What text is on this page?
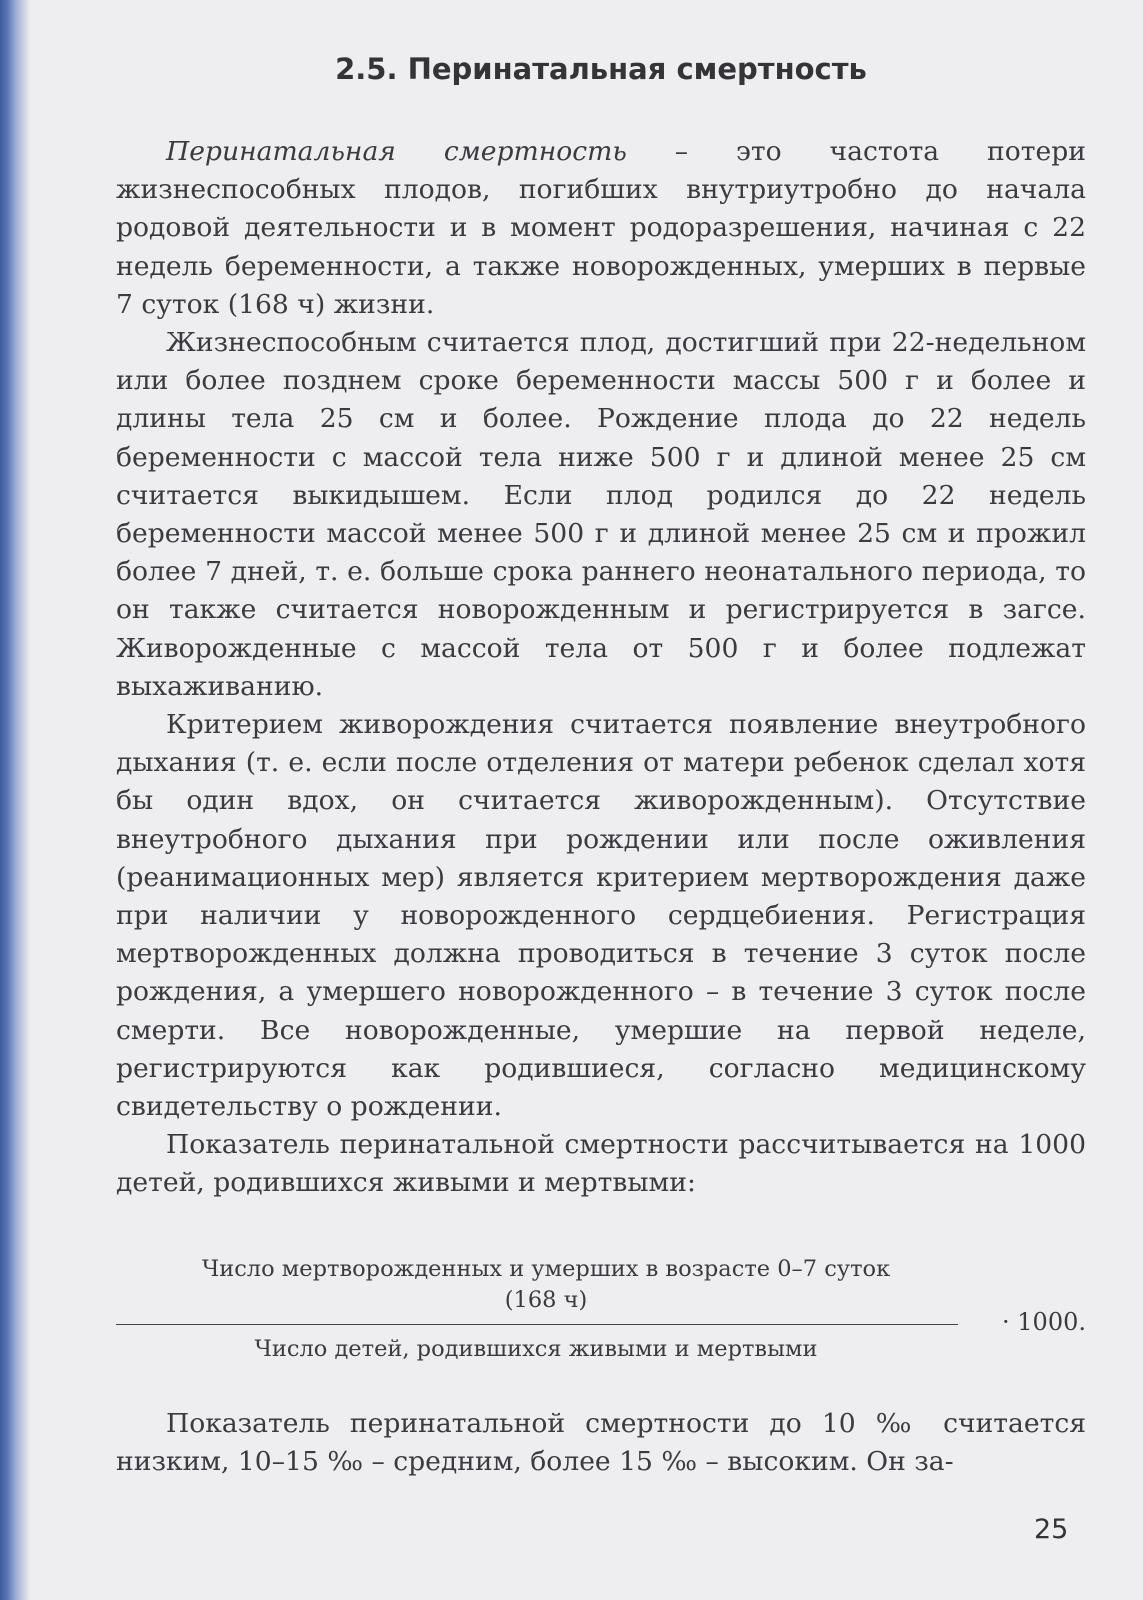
2.5. Перинатальная смертность

Перинатальная смертность – это частота потери жизнеспособных плодов, погибших внутриутробно до начала родовой деятельности и в момент родоразрешения, начиная с 22 недель беременности, а также новорожденных, умерших в первые 7 суток (168 ч) жизни.

Жизнеспособным считается плод, достигший при 22-недельном или более позднем сроке беременности массы 500 г и более и длины тела 25 см и более. Рождение плода до 22 недель беременности с массой тела ниже 500 г и длиной менее 25 см считается выкидышем. Если плод родился до 22 недель беременности массой менее 500 г и длиной менее 25 см и прожил более 7 дней, т. е. больше срока раннего неонатального периода, то он также считается новорожденным и регистрируется в загсе. Живорожденные с массой тела от 500 г и более подлежат выхаживанию.

Критерием живорождения считается появление внеутробного дыхания (т. е. если после отделения от матери ребенок сделал хотя бы один вдох, он считается живорожденным). Отсутствие внеутробного дыхания при рождении или после оживления (реанимационных мер) является критерием мертворождения даже при наличии у новорожденного сердцебиения. Регистрация мертворожденных должна проводиться в течение 3 суток после рождения, а умершего новорожденного – в течение 3 суток после смерти. Все новорожденные, умершие на первой неделе, регистрируются как родившиеся, согласно медицинскому свидетельству о рождении.

Показатель перинатальной смертности рассчитывается на 1000 детей, родившихся живыми и мертвыми:

Число мертворожденных и умерших в возрасте 0–7 суток
(168 ч)
· 1000.
Число детей, родившихся живыми и мертвыми

Показатель перинатальной смертности до 10 ‰ считается низким, 10–15 ‰ – средним, более 15 ‰ – высоким. Он за-

25
